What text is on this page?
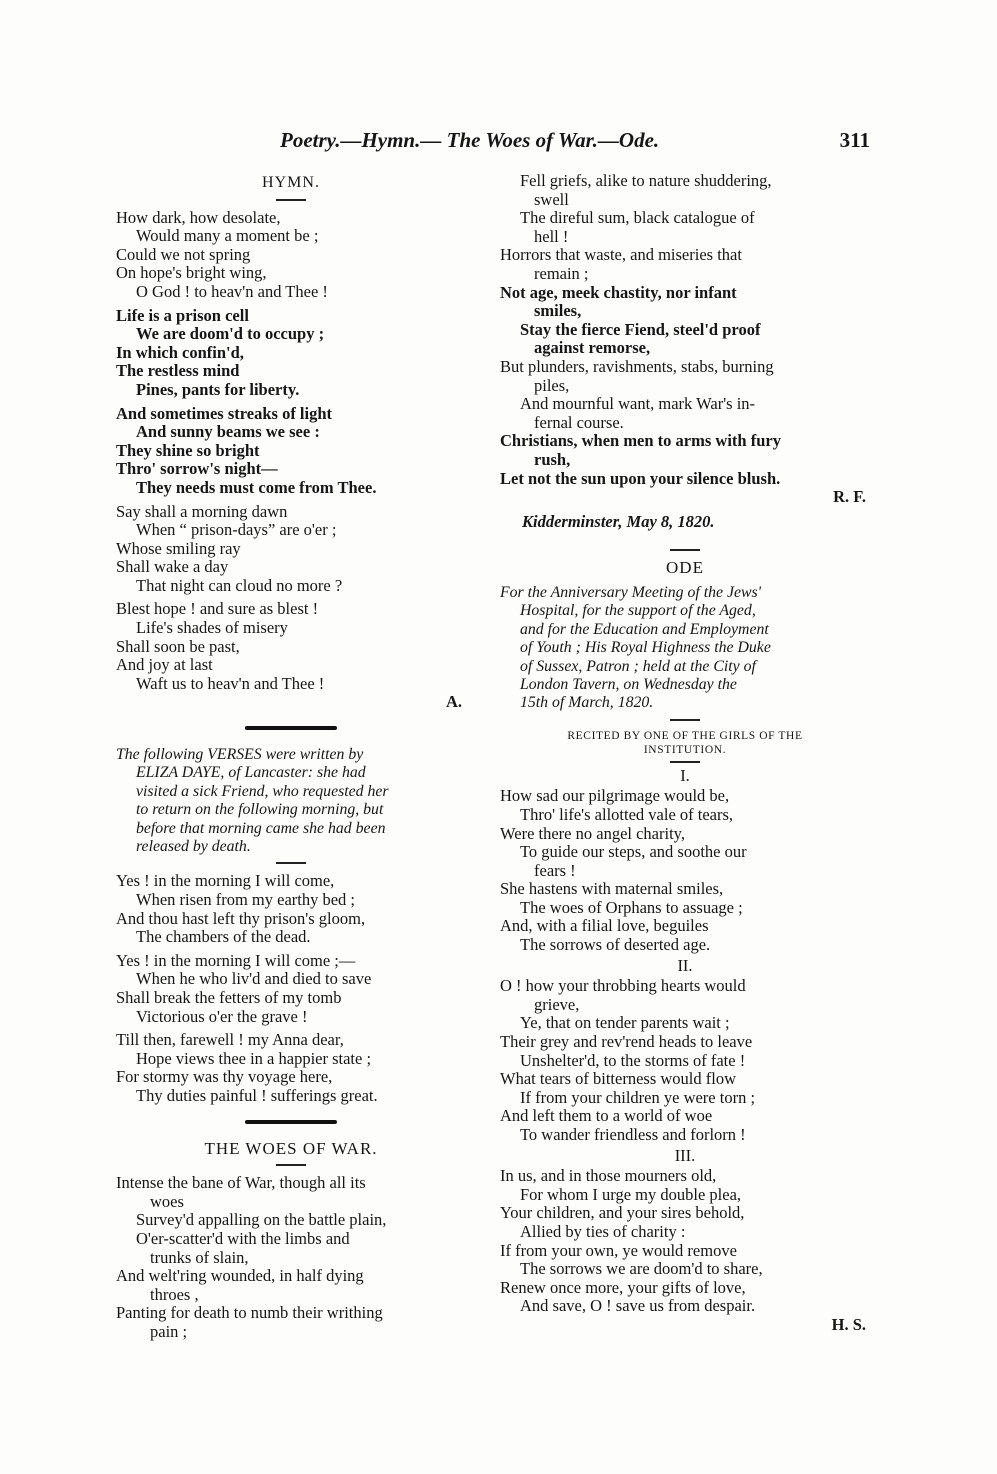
Poetry.—Hymn.— The Woes of War.—Ode.	311
HYMN.
How dark, how desolate,
Would many a moment be ;
Could we not spring
On hope's bright wing,
O God ! to heav'n and Thee !
Life is a prison cell
We are doom'd to occupy ;
In which confin'd,
The restless mind
Pines, pants for liberty.
And sometimes streaks of light
And sunny beams we see :
They shine so bright
Thro' sorrow's night—
They needs must come from Thee.
Say shall a morning dawn
When “ prison-days” are o'er ;
Whose smiling ray
Shall wake a day
That night can cloud no more ?
Blest hope ! and sure as blest !
Life's shades of misery
Shall soon be past,
And joy at last
Waft us to heav'n and Thee !
A.
The following VERSES were written by
ELIZA DAYE, of Lancaster: she had
visited a sick Friend, who requested her
to return on the following morning, but
before that morning came she had been
released by death.
Yes ! in the morning I will come,
When risen from my earthy bed ;
And thou hast left thy prison's gloom,
The chambers of the dead.
Yes ! in the morning I will come ;—
When he who liv'd and died to save
Shall break the fetters of my tomb
Victorious o'er the grave !
Till then, farewell ! my Anna dear,
Hope views thee in a happier state ;
For stormy was thy voyage here,
Thy duties painful ! sufferings great.
THE WOES OF WAR.
Intense the bane of War, though all its
woes
Survey'd appalling on the battle plain,
O'er-scatter'd with the limbs and
trunks of slain,
And welt'ring wounded, in half dying
throes ,
Panting for death to numb their writhing
pain ;
Fell griefs, alike to nature shuddering,
swell
The direful sum, black catalogue of
hell !
Horrors that waste, and miseries that
remain ;
Not age, meek chastity, nor infant
smiles,
Stay the fierce Fiend, steel'd proof
against remorse,
But plunders, ravishments, stabs, burning
piles,
And mournful want, mark War's in-
fernal course.
Christians, when men to arms with fury
rush,
Let not the sun upon your silence blush.
R. F.
Kidderminster, May 8, 1820.
ODE
For the Anniversary Meeting of the Jews'
Hospital, for the support of the Aged,
and for the Education and Employment
of Youth ; His Royal Highness the Duke
of Sussex, Patron ; held at the City of
London Tavern, on Wednesday the
15th of March, 1820.
RECITED BY ONE OF THE GIRLS OF THE
INSTITUTION.
I.
How sad our pilgrimage would be,
Thro' life's allotted vale of tears,
Were there no angel charity,
To guide our steps, and soothe our
fears !
She hastens with maternal smiles,
The woes of Orphans to assuage ;
And, with a filial love, beguiles
The sorrows of deserted age.
II.
O ! how your throbbing hearts would
grieve,
Ye, that on tender parents wait ;
Their grey and rev'rend heads to leave
Unshelter'd, to the storms of fate !
What tears of bitterness would flow
If from your children ye were torn ;
And left them to a world of woe
To wander friendless and forlorn !
III.
In us, and in those mourners old,
For whom I urge my double plea,
Your children, and your sires behold,
Allied by ties of charity :
If from your own, ye would remove
The sorrows we are doom'd to share,
Renew once more, your gifts of love,
And save, O ! save us from despair.
H. S.
